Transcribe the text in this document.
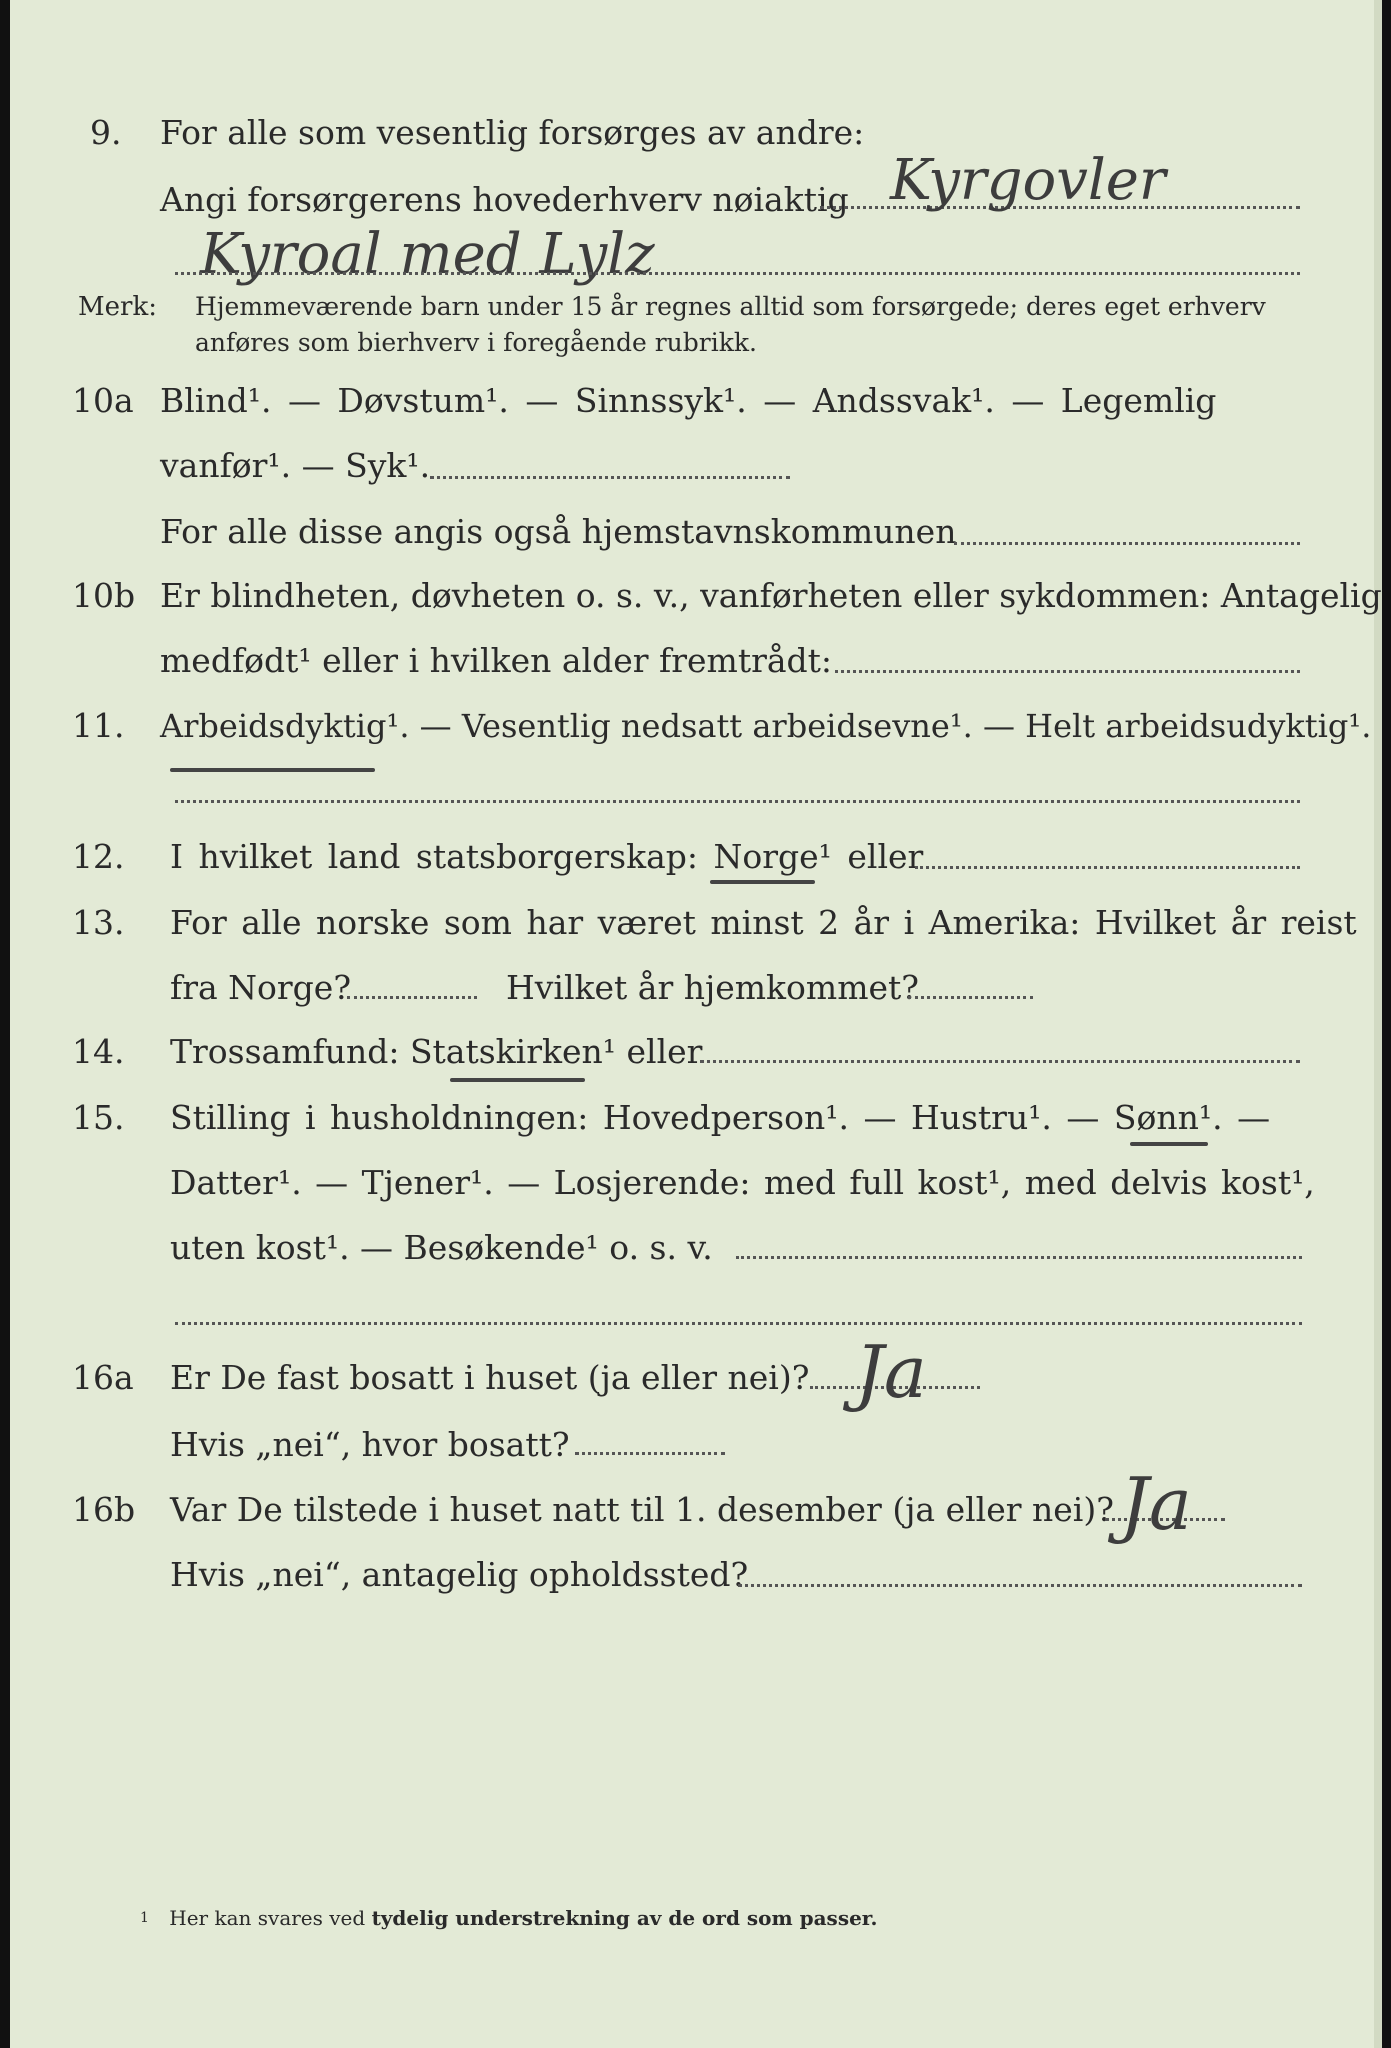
9. For alle som vesentlig forsørges av andre:
Angi forsørgerens hovederhverv nøiaktig Kyrgovler
Kyroal med Lylz
Merk: Hjemmeværende barn under 15 år regnes alltid som forsørgede; deres eget erhverv
anføres som bierhverv i foregående rubrikk.
10a Blind¹. — Døvstum¹. — Sinnssyk¹. — Andssvak¹. — Legemlig
vanfør¹. — Syk¹.
For alle disse angis også hjemstavnskommunen
10b Er blindheten, døvheten o. s. v., vanførheten eller sykdommen: Antagelig
medfødt¹ eller i hvilken alder fremtrådt:
11. Arbeidsdyktig¹. — Vesentlig nedsatt arbeidsevne¹. — Helt arbeidsudyktig¹.
12. I hvilket land statsborgerskap: Norge¹ eller
13. For alle norske som har været minst 2 år i Amerika: Hvilket år reist
fra Norge?	Hvilket år hjemkommet?
14. Trossamfund: Statskirken¹ eller
15. Stilling i husholdningen: Hovedperson¹. — Hustru¹. — Sønn¹. —
Datter¹. — Tjener¹. — Losjerende: med full kost¹, med delvis kost¹,
uten kost¹. — Besøkende¹ o. s. v.
16a Er De fast bosatt i huset (ja eller nei)? Ja
Hvis „nei“, hvor bosatt?
16b Var De tilstede i huset natt til 1. desember (ja eller nei)? Ja
Hvis „nei“, antagelig opholdssted?
$^1$ Her kan svares ved tydelig understrekning av de ord som passer.
